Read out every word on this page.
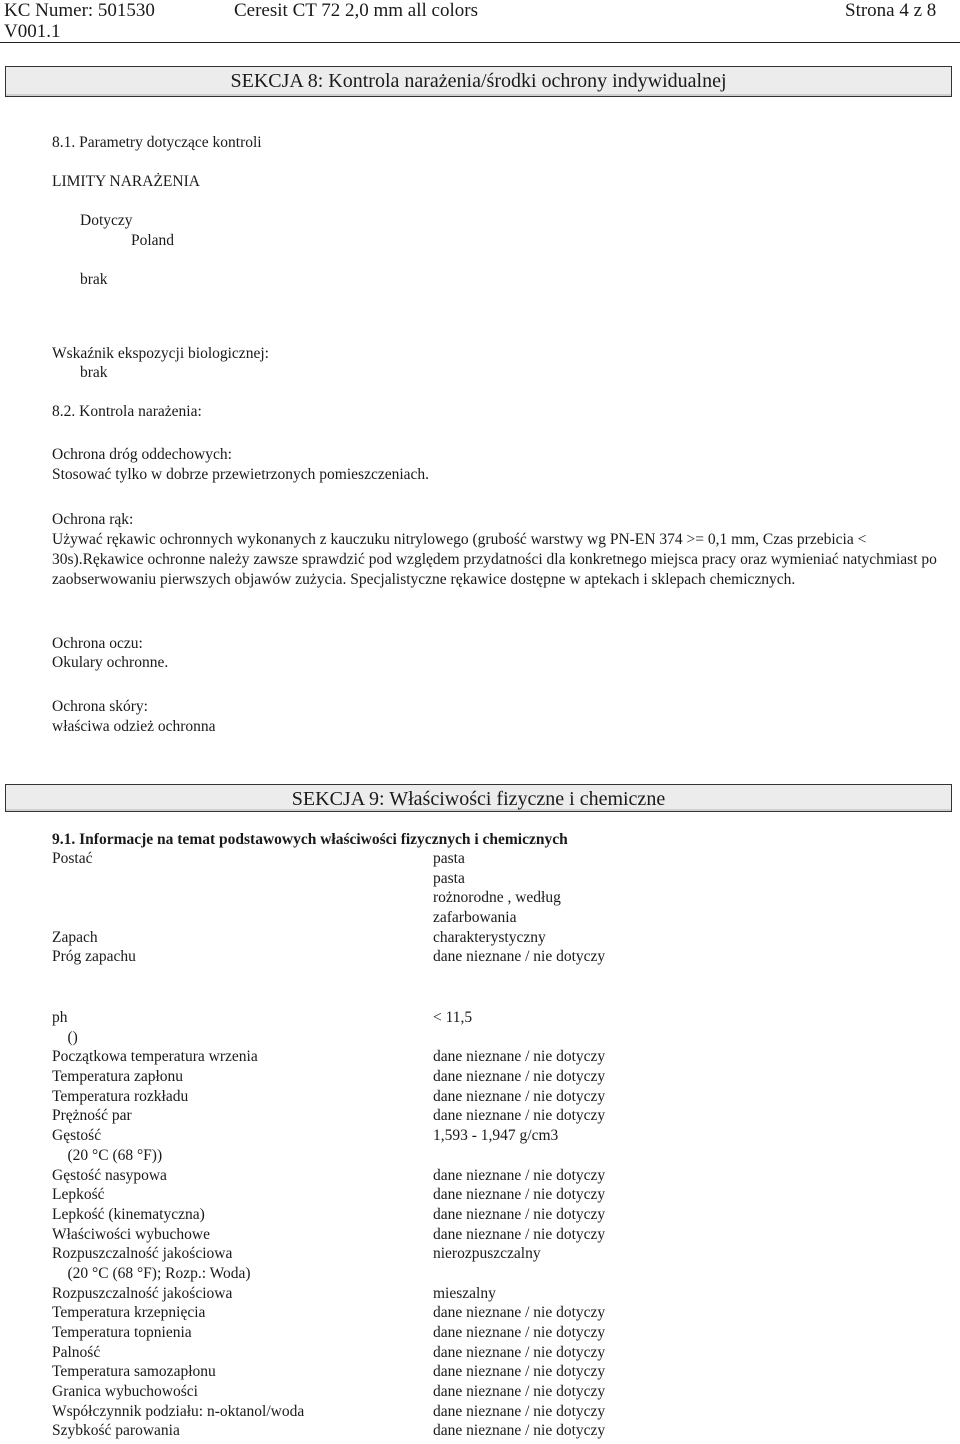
KC Numer: 501530
V001.1
Ceresit CT 72 2,0 mm all colors	Strona 4 z 8
SEKCJA 8: Kontrola narażenia/środki ochrony indywidualnej
8.1. Parametry dotyczące kontroli
LIMITY NARAŻENIA
Dotyczy
Poland
brak
Wskaźnik ekspozycji biologicznej:
brak
8.2. Kontrola narażenia:
Ochrona dróg oddechowych:
Stosować tylko w dobrze przewietrzonych pomieszczeniach.
Ochrona rąk:
Używać rękawic ochronnych wykonanych z kauczuku nitrylowego (grubość warstwy wg PN-EN 374 >= 0,1 mm, Czas przebicia < 30s).Rękawice ochronne należy zawsze sprawdzić pod względem przydatności dla konkretnego miejsca pracy oraz wymieniać natychmiast po zaobserwowaniu pierwszych objawów zużycia. Specjalistyczne rękawice dostępne w aptekach i sklepach chemicznych.
Ochrona oczu:
Okulary ochronne.
Ochrona skóry:
właściwa odzież ochronna
SEKCJA 9: Właściwości fizyczne i chemiczne
9.1. Informacje na temat podstawowych właściwości fizycznych i chemicznych
Postać	pasta
pasta
rożnorodne , według
zafarbowania
Zapach	charakterystyczny
Próg zapachu	dane nieznane / nie dotyczy
ph	< 11,5
()
Początkowa temperatura wrzenia	dane nieznane / nie dotyczy
Temperatura zapłonu	dane nieznane / nie dotyczy
Temperatura rozkładu	dane nieznane / nie dotyczy
Prężność par	dane nieznane / nie dotyczy
Gęstość	1,593 - 1,947 g/cm3
(20 °C (68 °F))
Gęstość nasypowa	dane nieznane / nie dotyczy
Lepkość	dane nieznane / nie dotyczy
Lepkość (kinematyczna)	dane nieznane / nie dotyczy
Właściwości wybuchowe	dane nieznane / nie dotyczy
Rozpuszczalność jakościowa	nierozpuszczalny
(20 °C (68 °F); Rozp.: Woda)
Rozpuszczalność jakościowa	mieszalny
Temperatura krzepnięcia	dane nieznane / nie dotyczy
Temperatura topnienia	dane nieznane / nie dotyczy
Palność	dane nieznane / nie dotyczy
Temperatura samozapłonu	dane nieznane / nie dotyczy
Granica wybuchowości	dane nieznane / nie dotyczy
Współczynnik podziału: n-oktanol/woda	dane nieznane / nie dotyczy
Szybkość parowania	dane nieznane / nie dotyczy
